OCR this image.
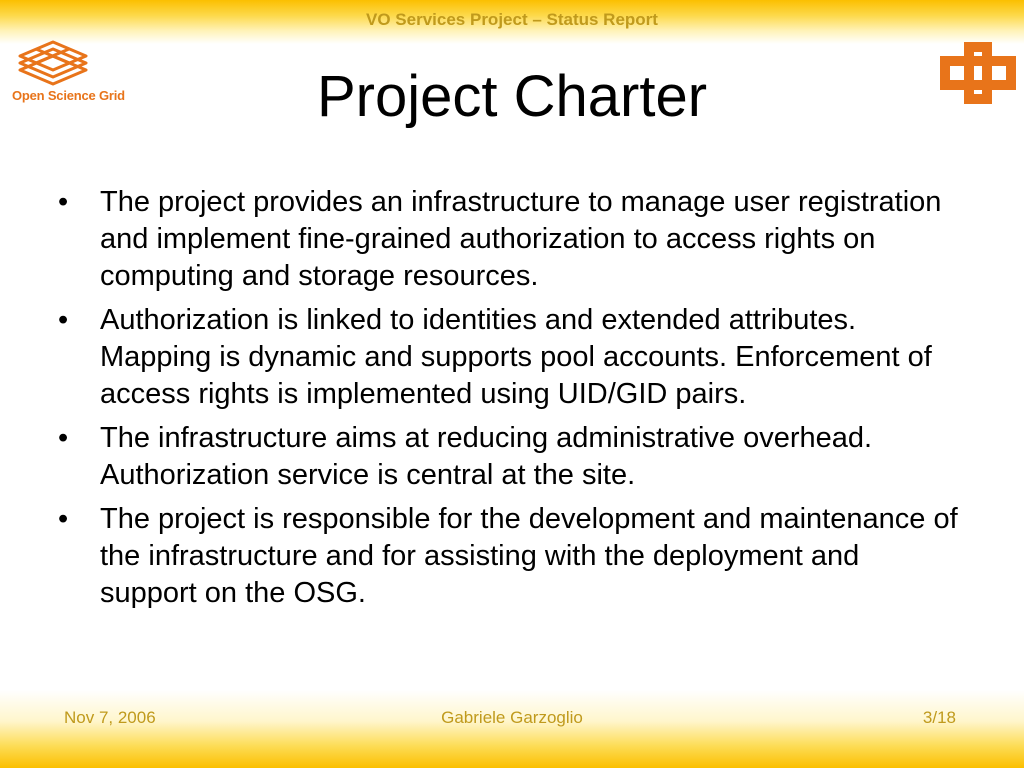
VO Services Project – Status Report
Open Science Grid	Project Charter
•	The project provides an infrastructure to manage user registration and implement fine-grained authorization to access rights on computing and storage resources.
•	Authorization is linked to identities and extended attributes. Mapping is dynamic and supports pool accounts. Enforcement of access rights is implemented using UID/GID pairs.
•	The infrastructure aims at reducing administrative overhead. Authorization service is central at the site.
•	The project is responsible for the development and maintenance of the infrastructure and for assisting with the deployment and support on the OSG.
Nov 7, 2006	Gabriele Garzoglio	3/18
